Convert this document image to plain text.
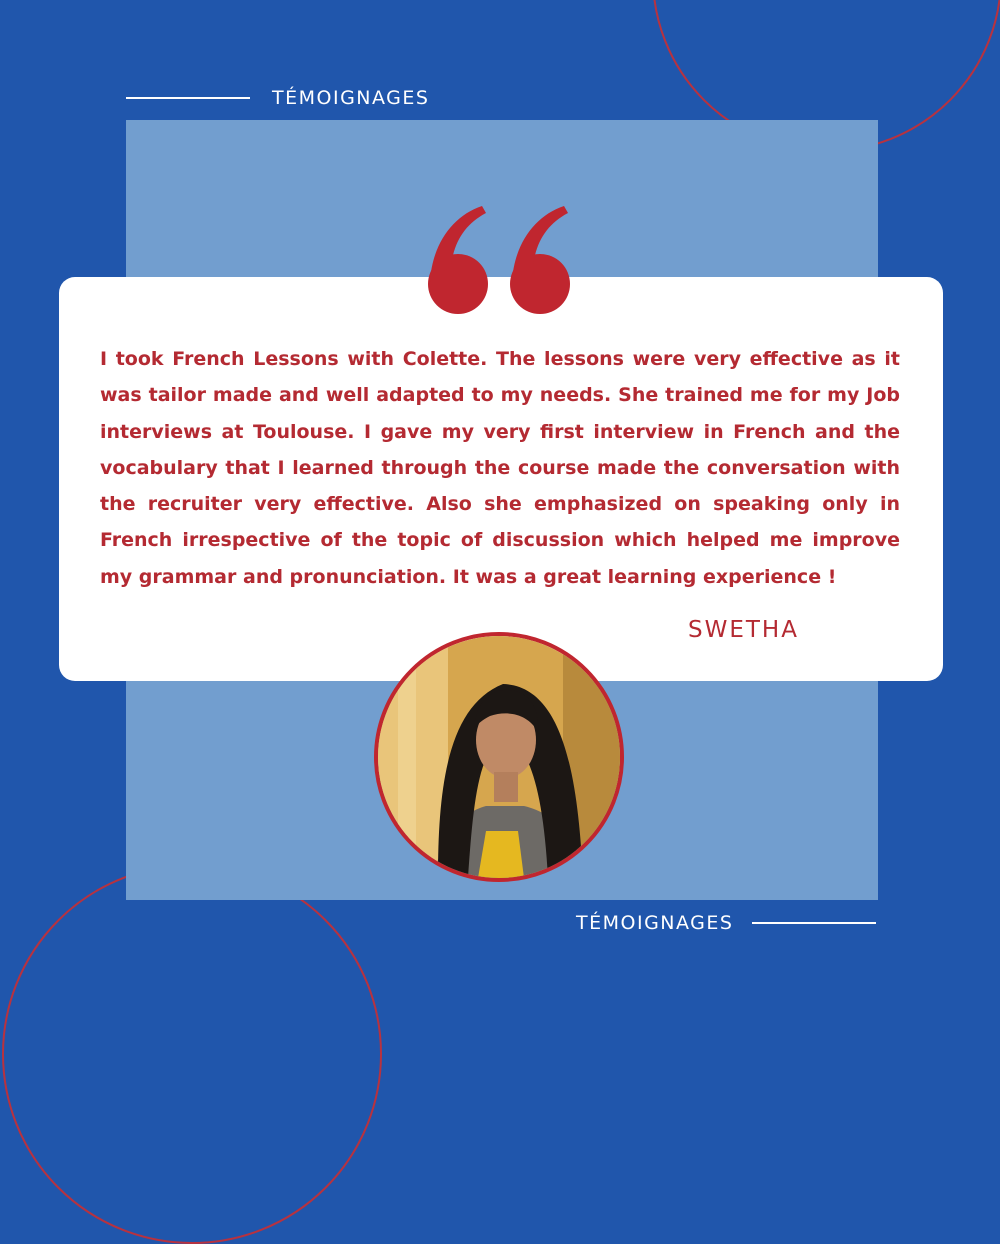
TÉMOIGNAGES

I took French Lessons with Colette. The lessons were very effective as it was tailor made and well adapted to my needs. She trained me for my Job interviews at Toulouse. I gave my very first interview in French and the vocabulary that I learned through the course made the conversation with the recruiter very effective. Also she emphasized on speaking only in French irrespective of the topic of discussion which helped me improve my grammar and pronunciation. It was a great learning experience !

SWETHA
TÉMOIGNAGES
